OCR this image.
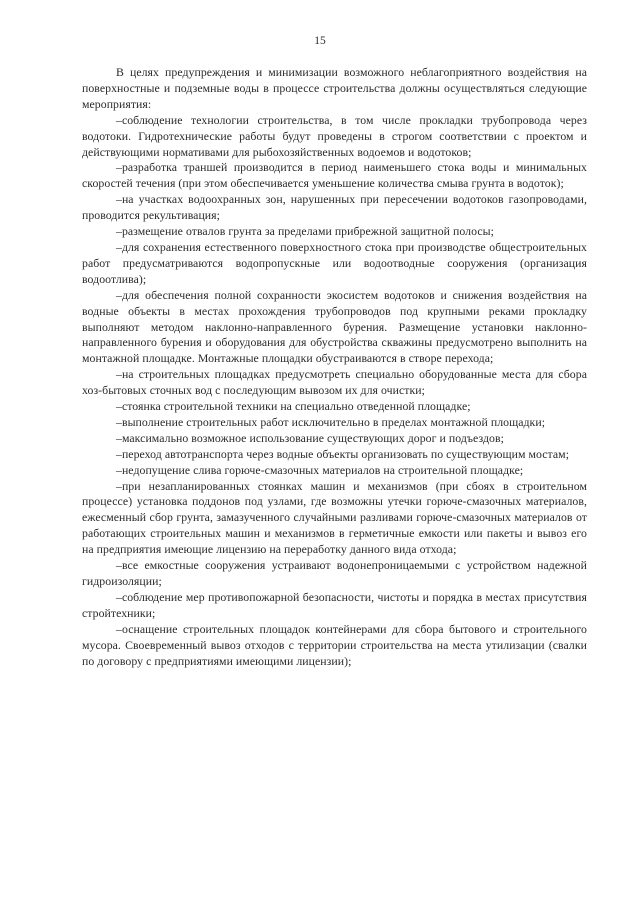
15

В целях предупреждения и минимизации возможного неблагоприятного воздействия на поверхностные и подземные воды в процессе строительства должны осуществляться следующие мероприятия:

–соблюдение технологии строительства, в том числе прокладки трубопровода через водотоки. Гидротехнические работы будут проведены в строгом соответствии с проектом и действующими нормативами для рыбохозяйственных водоемов и водотоков;

–разработка траншей производится в период наименьшего стока воды и минимальных скоростей течения (при этом обеспечивается уменьшение количества смыва грунта в водоток);

–на участках водоохранных зон, нарушенных при пересечении водотоков газопроводами, проводится рекультивация;

–размещение отвалов грунта за пределами прибрежной защитной полосы;

–для сохранения естественного поверхностного стока при производстве общестроительных работ предусматриваются водопропускные или водоотводные сооружения (организация водоотлива);

–для обеспечения полной сохранности экосистем водотоков и снижения воздействия на водные объекты в местах прохождения трубопроводов под крупными реками прокладку выполняют методом наклонно-направленного бурения. Размещение установки наклонно-направленного бурения и оборудования для обустройства скважины предусмотрено выполнить на монтажной площадке. Монтажные площадки обустраиваются в створе перехода;

–на строительных площадках предусмотреть специально оборудованные места для сбора хоз-бытовых сточных вод с последующим вывозом их для очистки;

–стоянка строительной техники на специально отведенной площадке;

–выполнение строительных работ исключительно в пределах монтажной площадки;

–максимально возможное использование существующих дорог и подъездов;

–переход автотранспорта через водные объекты организовать по существующим мостам;

–недопущение слива горюче-смазочных материалов на строительной площадке;

–при незапланированных стоянках машин и механизмов (при сбоях в строительном процессе) установка поддонов под узлами, где возможны утечки горюче-смазочных материалов, ежесменный сбор грунта, замазученного случайными разливами горюче-смазочных материалов от работающих строительных машин и механизмов в герметичные емкости или пакеты и вывоз его на предприятия имеющие лицензию на переработку данного вида отхода;

–все емкостные сооружения устраивают водонепроницаемыми с устройством надежной гидроизоляции;

–соблюдение мер противопожарной безопасности, чистоты и порядка в местах присутствия стройтехники;

–оснащение строительных площадок контейнерами для сбора бытового и строительного мусора. Своевременный вывоз отходов с территории строительства на места утилизации (свалки по договору с предприятиями имеющими лицензии);
